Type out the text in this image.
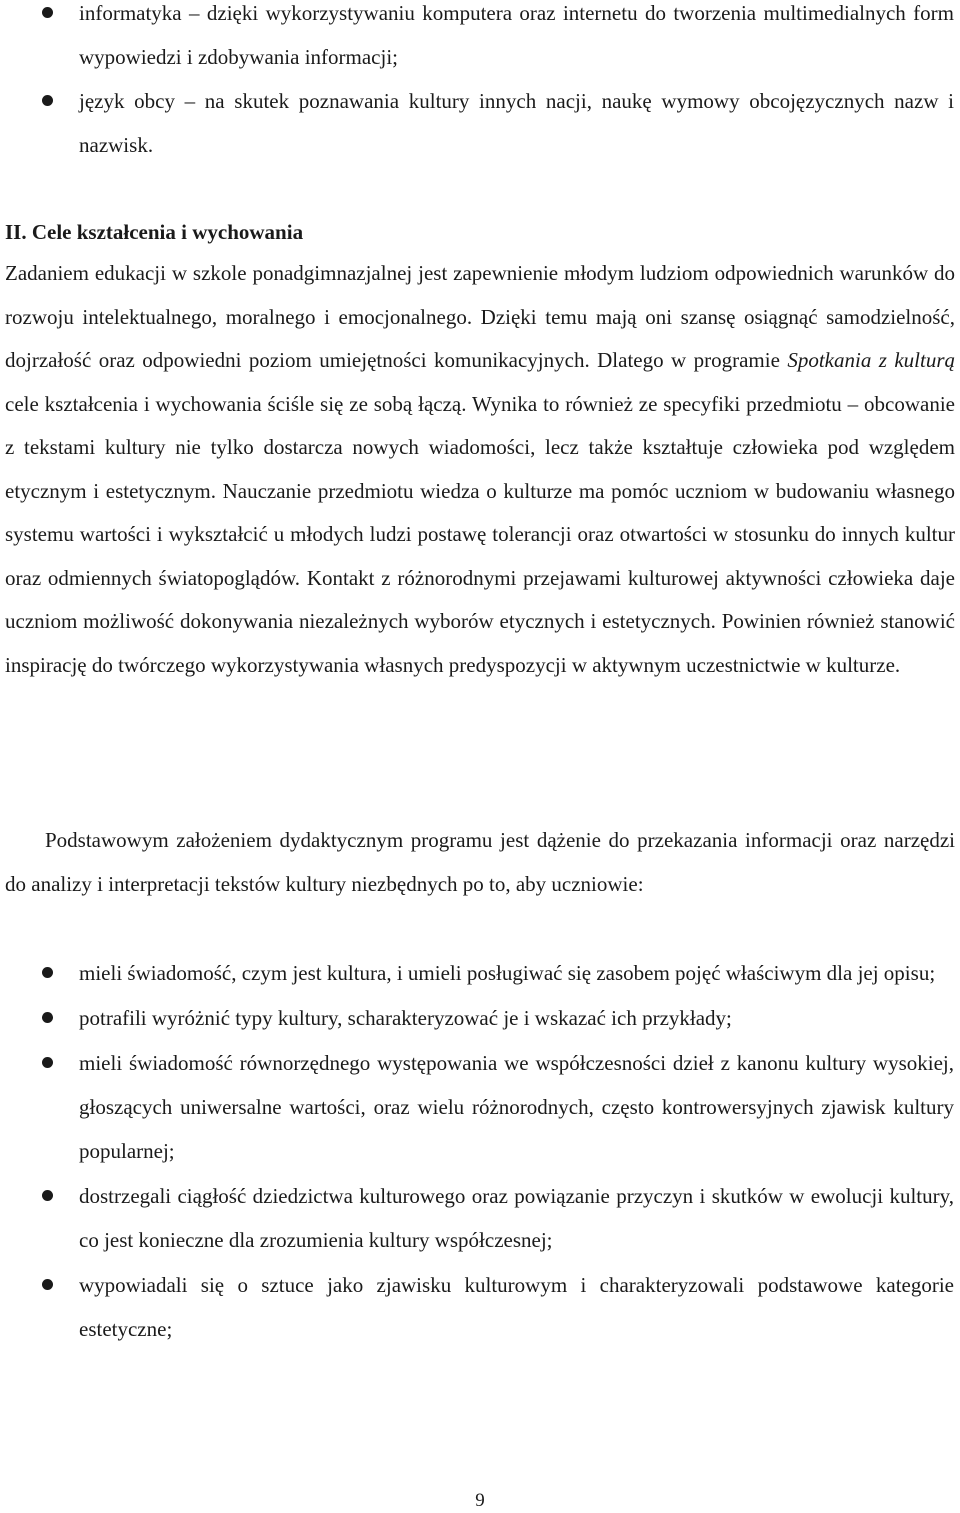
informatyka – dzięki wykorzystywaniu komputera oraz internetu do tworzenia multimedialnych form wypowiedzi i zdobywania informacji;
język obcy – na skutek poznawania kultury innych nacji, naukę wymowy obcojęzycznych nazw i nazwisk.

II. Cele kształcenia i wychowania

Zadaniem edukacji w szkole ponadgimnazjalnej jest zapewnienie młodym ludziom odpowiednich warunków do rozwoju intelektualnego, moralnego i emocjonalnego. Dzięki temu mają oni szansę osiągnąć samodzielność, dojrzałość oraz odpowiedni poziom umiejętności komunikacyjnych. Dlatego w programie Spotkania z kulturą cele kształcenia i wychowania ściśle się ze sobą łączą. Wynika to również ze specyfiki przedmiotu – obcowanie z tekstami kultury nie tylko dostarcza nowych wiadomości, lecz także kształtuje człowieka pod względem etycznym i estetycznym. Nauczanie przedmiotu wiedza o kulturze ma pomóc uczniom w budowaniu własnego systemu wartości i wykształcić u młodych ludzi postawę tolerancji oraz otwartości w stosunku do innych kultur oraz odmiennych światopoglądów. Kontakt z różnorodnymi przejawami kulturowej aktywności człowieka daje uczniom możliwość dokonywania niezależnych wyborów etycznych i estetycznych. Powinien również stanowić inspirację do twórczego wykorzystywania własnych predyspozycji w aktywnym uczestnictwie w kulturze.

Podstawowym założeniem dydaktycznym programu jest dążenie do przekazania informacji oraz narzędzi do analizy i interpretacji tekstów kultury niezbędnych po to, aby uczniowie:

mieli świadomość, czym jest kultura, i umieli posługiwać się zasobem pojęć właściwym dla jej opisu;
potrafili wyróżnić typy kultury, scharakteryzować je i wskazać ich przykłady;
mieli świadomość równorzędnego występowania we współczesności dzieł z kanonu kultury wysokiej, głoszących uniwersalne wartości, oraz wielu różnorodnych, często kontrowersyjnych zjawisk kultury popularnej;
dostrzegali ciągłość dziedzictwa kulturowego oraz powiązanie przyczyn i skutków w ewolucji kultury, co jest konieczne dla zrozumienia kultury współczesnej;
wypowiadali się o sztuce jako zjawisku kulturowym i charakteryzowali podstawowe kategorie estetyczne;
9
